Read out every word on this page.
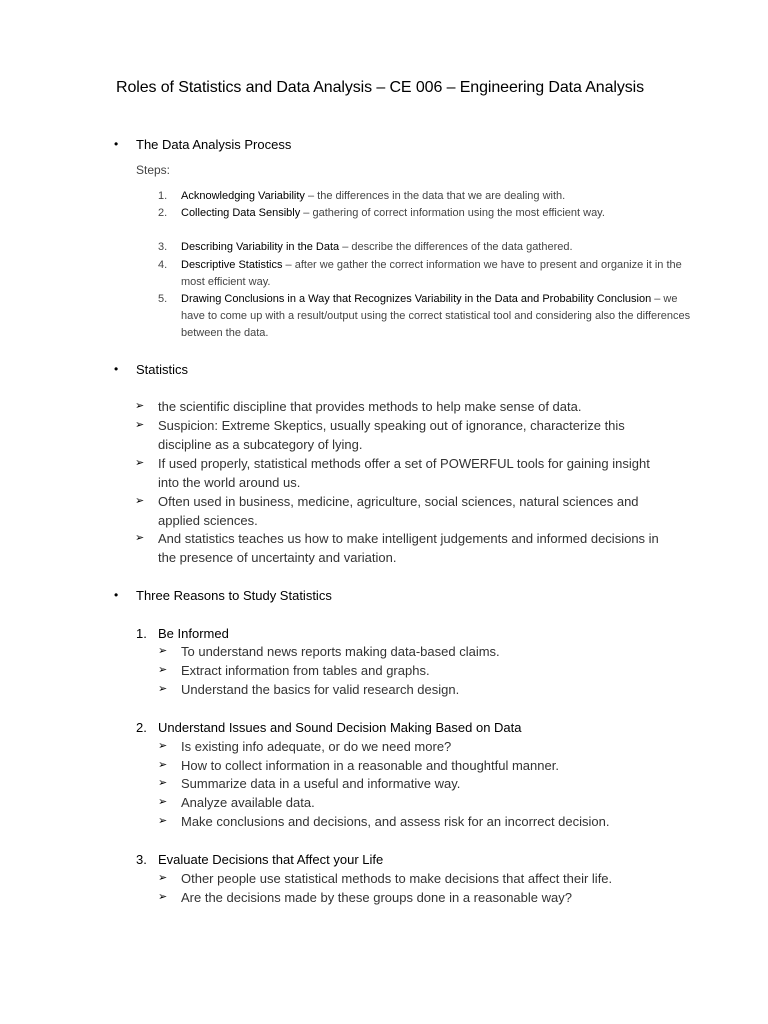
Roles of Statistics and Data Analysis – CE 006 – Engineering Data Analysis
• The Data Analysis Process
Steps:
1.	Acknowledging Variability – the differences in the data that we are dealing with.
2.	Collecting Data Sensibly – gathering of correct information using the most efficient way.
3.	Describing Variability in the Data – describe the differences of the data gathered.
4.	Descriptive Statistics – after we gather the correct information we have to present and organize it in the most efficient way.
5.	Drawing Conclusions in a Way that Recognizes Variability in the Data and Probability Conclusion – we have to come up with a result/output using the correct statistical tool and considering also the differences between the data.
• Statistics
➢ the scientific discipline that provides methods to help make sense of data.
➢ Suspicion: Extreme Skeptics, usually speaking out of ignorance, characterize this discipline as a subcategory of lying.
➢ If used properly, statistical methods offer a set of POWERFUL tools for gaining insight into the world around us.
➢ Often used in business, medicine, agriculture, social sciences, natural sciences and applied sciences.
➢ And statistics teaches us how to make intelligent judgements and informed decisions in the presence of uncertainty and variation.
• Three Reasons to Study Statistics
1. Be Informed
➢ To understand news reports making data-based claims.
➢ Extract information from tables and graphs.
➢ Understand the basics for valid research design.
2. Understand Issues and Sound Decision Making Based on Data
➢ Is existing info adequate, or do we need more?
➢ How to collect information in a reasonable and thoughtful manner.
➢ Summarize data in a useful and informative way.
➢ Analyze available data.
➢ Make conclusions and decisions, and assess risk for an incorrect decision.
3. Evaluate Decisions that Affect your Life
➢ Other people use statistical methods to make decisions that affect their life.
➢ Are the decisions made by these groups done in a reasonable way?
